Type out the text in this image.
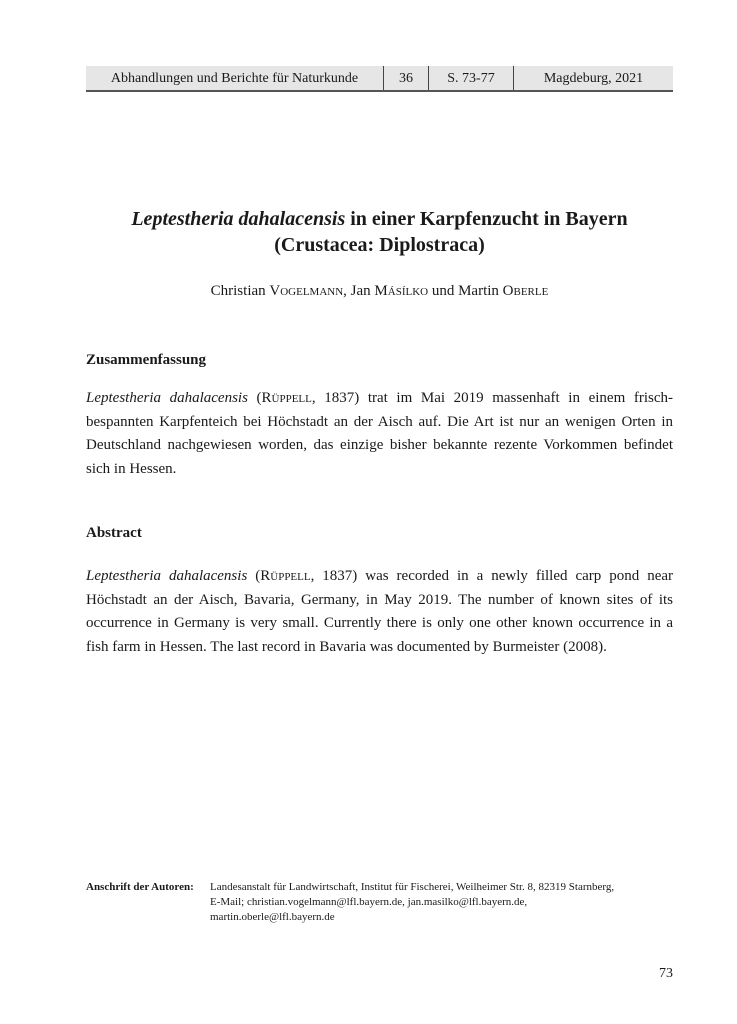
Abhandlungen und Berichte für Naturkunde	36	S. 73-77	Magdeburg, 2021
Leptestheria dahalacensis in einer Karpfenzucht in Bayern
(Crustacea: Diplostraca)
Christian Vogelmann, Jan Másílko und Martin Oberle
Zusammenfassung
Leptestheria dahalacensis (Rüppell, 1837) trat im Mai 2019 massenhaft in einem frisch-bespannten Karpfenteich bei Höchstadt an der Aisch auf. Die Art ist nur an wenigen Orten in Deutschland nachgewiesen worden, das einzige bisher bekannte rezente Vorkommen befindet sich in Hessen.
Abstract
Leptestheria dahalacensis (Rüppell, 1837) was recorded in a newly filled carp pond near Höchstadt an der Aisch, Bavaria, Germany, in May 2019. The number of known sites of its occurrence in Germany is very small. Currently there is only one other known occurrence in a fish farm in Hessen. The last record in Bavaria was documented by Burmeister (2008).
Anschrift der Autoren:	Landesanstalt für Landwirtschaft, Institut für Fischerei, Weilheimer Str. 8, 82319 Starnberg,
E-Mail; christian.vogelmann@lfl.bayern.de, jan.masilko@lfl.bayern.de,
martin.oberle@lfl.bayern.de
73
